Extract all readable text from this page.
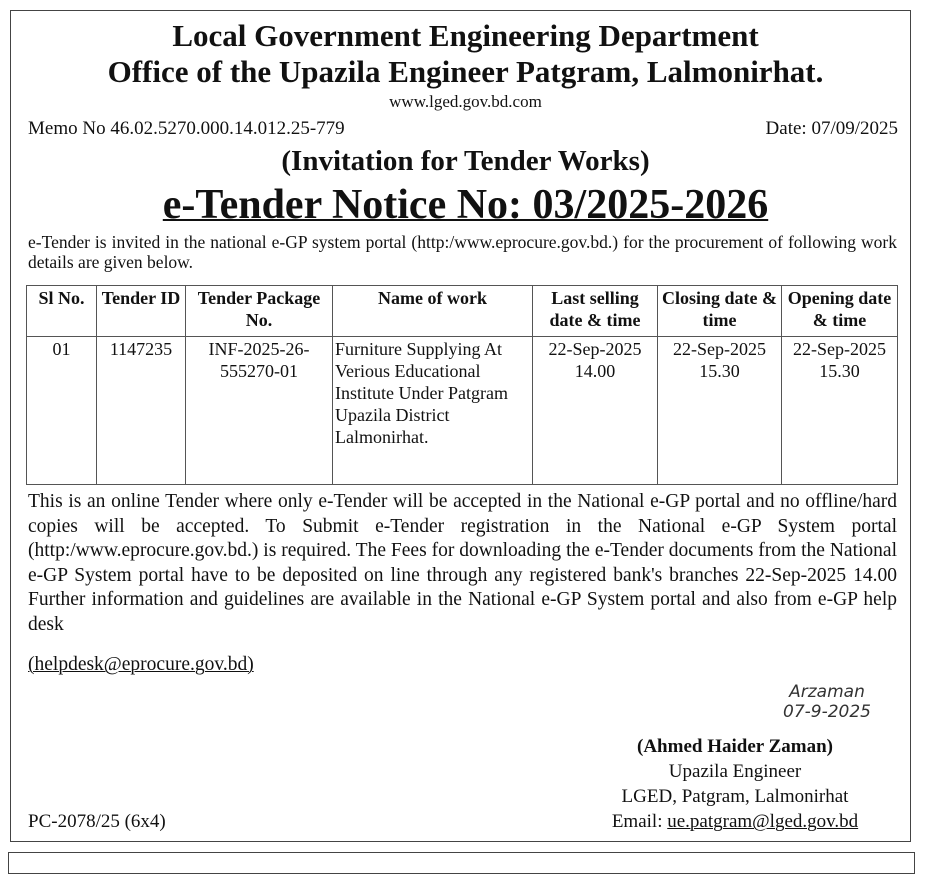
Local Government Engineering Department
Office of the Upazila Engineer Patgram, Lalmonirhat.
www.lged.gov.bd.com
Memo No 46.02.5270.000.14.012.25-779	Date: 07/09/2025
(Invitation for Tender Works)
e-Tender Notice No: 03/2025-2026
e-Tender is invited in the national e-GP system portal (http:/www.eprocure.gov.bd.) for the procurement of following work details are given below.
Sl No.	Tender ID	Tender Package No.	Name of work	Last selling date & time	Closing date & time	Opening date & time
01	1147235	INF-2025-26-555270-01	Furniture Supplying At Verious Educational Institute Under Patgram Upazila District Lalmonirhat.	22-Sep-2025 14.00	22-Sep-2025 15.30	22-Sep-2025 15.30
This is an online Tender where only e-Tender will be accepted in the National e-GP portal and no offline/hard copies will be accepted. To Submit e-Tender registration in the National e-GP System portal (http:/www.eprocure.gov.bd.) is required. The Fees for downloading the e-Tender documents from the National e-GP System portal have to be deposited on line through any registered bank's branches 22-Sep-2025 14.00 Further information and guidelines are available in the National e-GP System portal and also from e-GP help desk
(helpdesk@eprocure.gov.bd)
Arzaman
07-9-2025
(Ahmed Haider Zaman)
Upazila Engineer
LGED, Patgram, Lalmonirhat
Email: ue.patgram@lged.gov.bd
PC-2078/25 (6x4)
